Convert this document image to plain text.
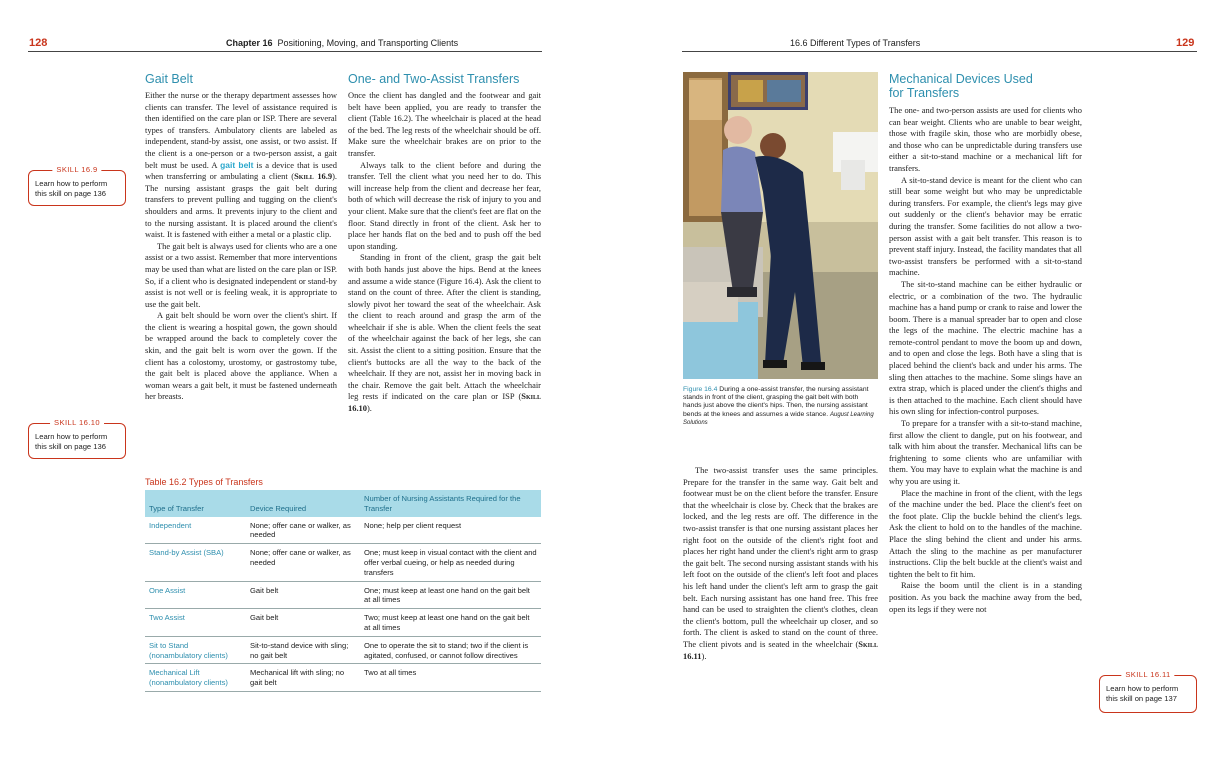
128	Chapter 16 Positioning, Moving, and Transporting Clients
Gait Belt

Either the nurse or the therapy department assesses how clients can transfer. The level of assistance required is then identified on the care plan or ISP. There are several types of transfers. Ambulatory clients are labeled as independent, stand-by assist, one assist, or two assist. If the client is a one-person or a two-person assist, a gait belt must be used. A gait belt is a device that is used when transferring or ambulating a client (Skill 16.9). The nursing assistant grasps the gait belt during transfers to prevent pulling and tugging on the client's shoulders and arms. It prevents injury to the client and to the nursing assistant. It is placed around the client's waist. It is fastened with either a metal or a plastic clip.

The gait belt is always used for clients who are a one assist or a two assist. Remember that more interventions may be used than what are listed on the care plan or ISP. So, if a client who is designated independent or stand-by assist is not well or is feeling weak, it is appropriate to use the gait belt.

A gait belt should be worn over the client's shirt. If the client is wearing a hospital gown, the gown should be wrapped around the back to completely cover the skin, and the gait belt is worn over the gown. If the client has a colostomy, urostomy, or gastrostomy tube, the gait belt is placed above the appliance. When a woman wears a gait belt, it must be fastened underneath her breasts.

One- and Two-Assist Transfers

Once the client has dangled and the footwear and gait belt have been applied, you are ready to transfer the client (Table 16.2). The wheelchair is placed at the head of the bed. The leg rests of the wheelchair should be off. Make sure the wheelchair brakes are on prior to the transfer.

Always talk to the client before and during the transfer. Tell the client what you need her to do. This will increase help from the client and decrease her fear, both of which will decrease the risk of injury to you and your client. Make sure that the client's feet are flat on the floor. Stand directly in front of the client. Ask her to place her hands flat on the bed and to push off the bed upon standing.

Standing in front of the client, grasp the gait belt with both hands just above the hips. Bend at the knees and assume a wide stance (Figure 16.4). Ask the client to stand on the count of three. After the client is standing, slowly pivot her toward the seat of the wheelchair. Ask the client to reach around and grasp the arm of the wheelchair if she is able. When the client feels the seat of the wheelchair against the back of her legs, she can sit. Assist the client to a sitting position. Ensure that the client's buttocks are all the way to the back of the wheelchair. If they are not, assist her in moving back in the chair. Remove the gait belt. Attach the wheelchair leg rests if indicated on the care plan or ISP (Skill 16.10).

SKILL 16.9
Learn how to perform this skill on page 136
SKILL 16.10
Learn how to perform this skill on page 136
Table 16.2 Types of Transfers
Type of Transfer	Device Required	Number of Nursing Assistants Required for the Transfer
Independent	None; offer cane or walker, as needed	None; help per client request
Stand-by Assist (SBA)	None; offer cane or walker, as needed	One; must keep in visual contact with the client and offer verbal cueing, or help as needed during transfers
One Assist	Gait belt	One; must keep at least one hand on the gait belt at all times
Two Assist	Gait belt	Two; must keep at least one hand on the gait belt at all times
Sit to Stand (nonambulatory clients)	Sit-to-stand device with sling; no gait belt	One to operate the sit to stand; two if the client is agitated, confused, or cannot follow directives
Mechanical Lift (nonambulatory clients)	Mechanical lift with sling; no gait belt	Two at all times
16.6 Different Types of Transfers	129
Figure 16.4 During a one-assist transfer, the nursing assistant stands in front of the client, grasping the gait belt with both hands just above the client's hips. Then, the nursing assistant bends at the knees and assumes a wide stance. August Learning Solutions

The two-assist transfer uses the same principles. Prepare for the transfer in the same way. Gait belt and footwear must be on the client before the transfer. Ensure that the wheelchair is close by. Check that the brakes are locked, and the leg rests are off. The difference in the two-assist transfer is that one nursing assistant places her right foot on the outside of the client's right foot and places her right hand under the client's right arm to grasp the gait belt. The second nursing assistant stands with his left foot on the outside of the client's left foot and places his left hand under the client's left arm to grasp the gait belt. Each nursing assistant has one hand free. This free hand can be used to straighten the client's clothes, clean the client's bottom, pull the wheelchair up closer, and so forth. The client is asked to stand on the count of three. The client pivots and is seated in the wheelchair (Skill 16.11).

Mechanical Devices Used
for Transfers

The one- and two-person assists are used for clients who can bear weight. Clients who are unable to bear weight, those with fragile skin, those who are morbidly obese, and those who can be unpredictable during transfers use either a sit-to-stand machine or a mechanical lift for transfers.

A sit-to-stand device is meant for the client who can still bear some weight but who may be unpredictable during transfers. For example, the client's legs may give out suddenly or the client's behavior may be erratic during the transfer. Some facilities do not allow a two-person assist with a gait belt transfer. This reason is to prevent staff injury. Instead, the facility mandates that all two-assist transfers be performed with a sit-to-stand machine.

The sit-to-stand machine can be either hydraulic or electric, or a combination of the two. The hydraulic machine has a hand pump or crank to raise and lower the boom. There is a manual spreader bar to open and close the legs of the machine. The electric machine has a remote-control pendant to move the boom up and down, and to open and close the legs. Both have a sling that is placed behind the client's back and under his arms. The sling then attaches to the machine. Some slings have an extra strap, which is placed under the client's thighs and is then attached to the machine. Each client should have his own sling for infection-control purposes.

To prepare for a transfer with a sit-to-stand machine, first allow the client to dangle, put on his footwear, and talk with him about the transfer. Mechanical lifts can be frightening to some clients who are unfamiliar with them. You may have to explain what the machine is and why you are using it.

Place the machine in front of the client, with the legs of the machine under the bed. Place the client's feet on the foot plate. Clip the buckle behind the client's legs. Ask the client to hold on to the handles of the machine. Place the sling behind the client and under his arms. Attach the sling to the machine as per manufacturer instructions. Clip the belt buckle at the client's waist and tighten the belt to fit him.

Raise the boom until the client is in a standing position. As you back the machine away from the bed, open its legs if they were not

SKILL 16.11
Learn how to perform this skill on page 137
